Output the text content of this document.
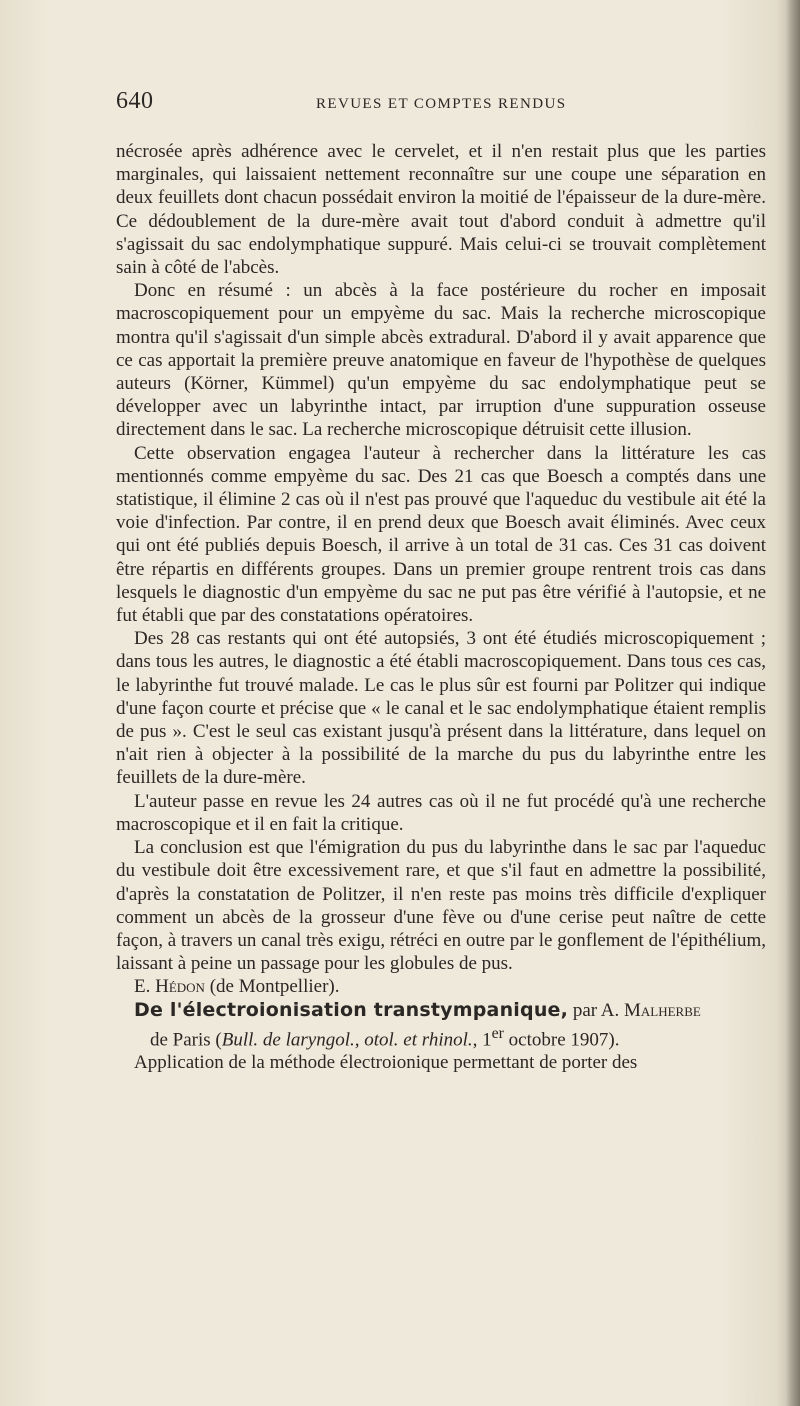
640	REVUES ET COMPTES RENDUS

nécrosée après adhérence avec le cervelet, et il n'en restait plus que les parties marginales, qui laissaient nettement reconnaître sur une coupe une séparation en deux feuillets dont chacun possédait environ la moitié de l'épaisseur de la dure-mère. Ce dédoublement de la dure-mère avait tout d'abord conduit à admettre qu'il s'agissait du sac endolymphatique suppuré. Mais celui-ci se trouvait complètement sain à côté de l'abcès.

Donc en résumé : un abcès à la face postérieure du rocher en imposait macroscopiquement pour un empyème du sac. Mais la recherche microscopique montra qu'il s'agissait d'un simple abcès extradural. D'abord il y avait apparence que ce cas apportait la première preuve anatomique en faveur de l'hypothèse de quelques auteurs (Körner, Kümmel) qu'un empyème du sac endolymphatique peut se développer avec un labyrinthe intact, par irruption d'une suppuration osseuse directement dans le sac. La recherche microscopique détruisit cette illusion.

Cette observation engagea l'auteur à rechercher dans la littérature les cas mentionnés comme empyème du sac. Des 21 cas que Boesch a comptés dans une statistique, il élimine 2 cas où il n'est pas prouvé que l'aqueduc du vestibule ait été la voie d'infection. Par contre, il en prend deux que Boesch avait éliminés. Avec ceux qui ont été publiés depuis Boesch, il arrive à un total de 31 cas. Ces 31 cas doivent être répartis en différents groupes. Dans un premier groupe rentrent trois cas dans lesquels le diagnostic d'un empyème du sac ne put pas être vérifié à l'autopsie, et ne fut établi que par des constatations opératoires.

Des 28 cas restants qui ont été autopsiés, 3 ont été étudiés microscopiquement ; dans tous les autres, le diagnostic a été établi macroscopiquement. Dans tous ces cas, le labyrinthe fut trouvé malade. Le cas le plus sûr est fourni par Politzer qui indique d'une façon courte et précise que « le canal et le sac endolymphatique étaient remplis de pus ». C'est le seul cas existant jusqu'à présent dans la littérature, dans lequel on n'ait rien à objecter à la possibilité de la marche du pus du labyrinthe entre les feuillets de la dure-mère.

L'auteur passe en revue les 24 autres cas où il ne fut procédé qu'à une recherche macroscopique et il en fait la critique.

La conclusion est que l'émigration du pus du labyrinthe dans le sac par l'aqueduc du vestibule doit être excessivement rare, et que s'il faut en admettre la possibilité, d'après la constatation de Politzer, il n'en reste pas moins très difficile d'expliquer comment un abcès de la grosseur d'une fève ou d'une cerise peut naître de cette façon, à travers un canal très exigu, rétréci en outre par le gonflement de l'épithélium, laissant à peine un passage pour les globules de pus.

E. Hédon (de Montpellier).

De l'électroionisation transtympanique, par A. Malherbe
de Paris (Bull. de laryngol., otol. et rhinol., 1er octobre 1907).

Application de la méthode électroionique permettant de porter des
